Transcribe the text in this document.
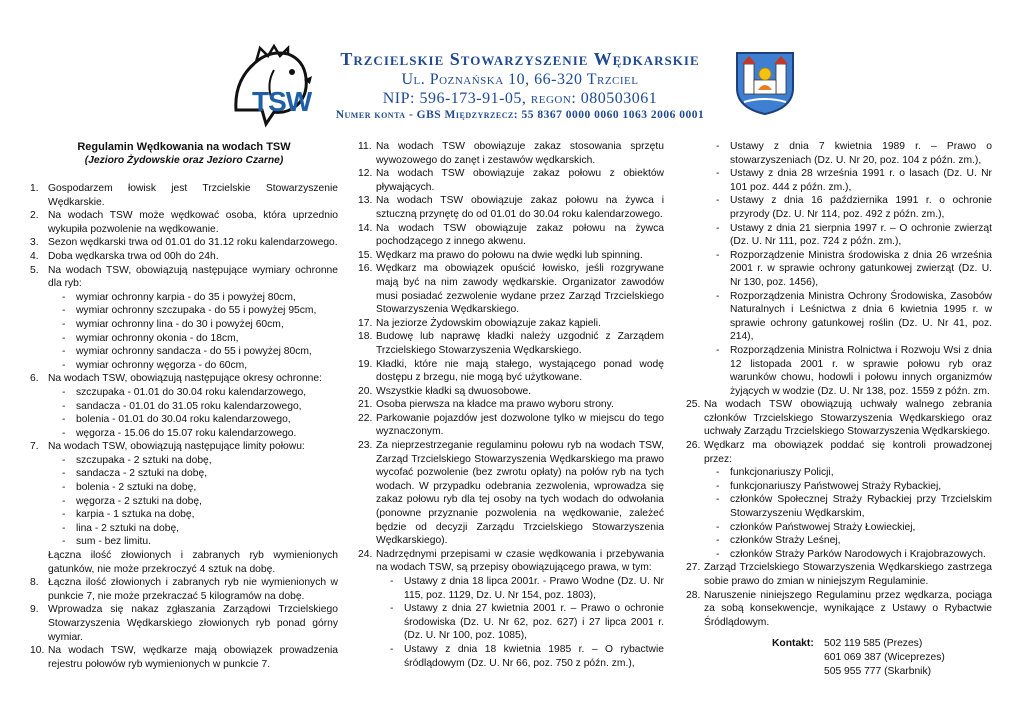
TSW
Trzcielskie Stowarzyszenie Wędkarskie
Ul. Poznańska 10, 66-320 Trzciel
NIP: 596-173-91-05, regon: 080503061
Numer konta - GBS Międzyrzecz: 55 8367 0000 0060 1063 2006 0001
Regulamin Wędkowania na wodach TSW
(Jezioro Żydowskie oraz Jezioro Czarne)
1. Gospodarzem łowisk jest Trzcielskie Stowarzyszenie Wędkarskie.
2. Na wodach TSW może wędkować osoba, która uprzednio wykupiła pozwolenie na wędkowanie.
3. Sezon wędkarski trwa od 01.01 do 31.12 roku kalendarzowego.
4. Doba wędkarska trwa od 00h do 24h.
5. Na wodach TSW, obowiązują następujące wymiary ochronne dla ryb:
-	wymiar ochronny karpia - do 35 i powyżej 80cm,
-	wymiar ochronny szczupaka - do 55 i powyżej 95cm,
-	wymiar ochronny lina - do 30 i powyżej 60cm,
-	wymiar ochronny okonia - do 18cm,
-	wymiar ochronny sandacza - do 55 i powyżej 80cm,
-	wymiar ochronny węgorza - do 60cm,
6. Na wodach TSW, obowiązują następujące okresy ochronne:
-	szczupaka - 01.01 do 30.04 roku kalendarzowego,
-	sandacza - 01.01 do 31.05 roku kalendarzowego,
-	bolenia - 01.01 do 30.04 roku kalendarzowego,
-	węgorza - 15.06 do 15.07 roku kalendarzowego.
7. Na wodach TSW, obowiązują następujące limity połowu:
-	szczupaka - 2 sztuki na dobę,
-	sandacza - 2 sztuki na dobę,
-	bolenia - 2 sztuki na dobę,
-	węgorza - 2 sztuki na dobę,
-	karpia - 1 sztuka na dobę,
-	lina - 2 sztuki na dobę,
-	sum - bez limitu.
Łączna ilość złowionych i zabranych ryb wymienionych gatunków, nie może przekroczyć 4 sztuk na dobę.
8. Łączna ilość złowionych i zabranych ryb nie wymienionych w punkcie 7, nie może przekraczać 5 kilogramów na dobę.
9. Wprowadza się nakaz zgłaszania Zarządowi Trzcielskiego Stowarzyszenia Wędkarskiego złowionych ryb ponad górny wymiar.
10. Na wodach TSW, wędkarze mają obowiązek prowadzenia rejestru połowów ryb wymienionych w punkcie 7.
11. Na wodach TSW obowiązuje zakaz stosowania sprzętu wywozowego do zanęt i zestawów wędkarskich.
12. Na wodach TSW obowiązuje zakaz połowu z obiektów pływających.
13. Na wodach TSW obowiązuje zakaz połowu na żywca i sztuczną przynętę do od 01.01 do 30.04 roku kalendarzowego.
14. Na wodach TSW obowiązuje zakaz połowu na żywca pochodzącego z innego akwenu.
15. Wędkarz ma prawo do połowu na dwie wędki lub spinning.
16. Wędkarz ma obowiązek opuścić łowisko, jeśli rozgrywane mają być na nim zawody wędkarskie. Organizator zawodów musi posiadać zezwolenie wydane przez Zarząd Trzcielskiego Stowarzyszenia Wędkarskiego.
17. Na jeziorze Żydowskim obowiązuje zakaz kąpieli.
18. Budowę lub naprawę kładki należy uzgodnić z Zarządem Trzcielskiego Stowarzyszenia Wędkarskiego.
19. Kładki, które nie mają stałego, wystającego ponad wodę dostępu z brzegu, nie mogą być użytkowane.
20. Wszystkie kładki są dwuosobowe.
21. Osoba pierwsza na kładce ma prawo wyboru strony.
22. Parkowanie pojazdów jest dozwolone tylko w miejscu do tego wyznaczonym.
23. Za nieprzestrzeganie regulaminu połowu ryb na wodach TSW, Zarząd Trzcielskiego Stowarzyszenia Wędkarskiego ma prawo wycofać pozwolenie (bez zwrotu opłaty) na połów ryb na tych wodach. W przypadku odebrania zezwolenia, wprowadza się zakaz połowu ryb dla tej osoby na tych wodach do odwołania (ponowne przyznanie pozwolenia na wędkowanie, zależeć będzie od decyzji Zarządu Trzcielskiego Stowarzyszenia Wędkarskiego).
24. Nadrzędnymi przepisami w czasie wędkowania i przebywania na wodach TSW, są przepisy obowiązującego prawa, w tym:
-	Ustawy z dnia 18 lipca 2001r. - Prawo Wodne (Dz. U. Nr 115, poz. 1129, Dz. U. Nr 154, poz. 1803),
-	Ustawy z dnia 27 kwietnia 2001 r. – Prawo o ochronie środowiska (Dz. U. Nr 62, poz. 627) i 27 lipca 2001 r. (Dz. U. Nr 100, poz. 1085),
-	Ustawy z dnia 18 kwietnia 1985 r. – O rybactwie śródlądowym (Dz. U. Nr 66, poz. 750 z późn. zm.),
-	Ustawy z dnia 7 kwietnia 1989 r. – Prawo o stowarzyszeniach (Dz. U. Nr 20, poz. 104 z późn. zm.),
-	Ustawy z dnia 28 września 1991 r. o lasach (Dz. U. Nr 101 poz. 444 z późn. zm.),
-	Ustawy z dnia 16 października 1991 r. o ochronie przyrody (Dz. U. Nr 114, poz. 492 z późn. zm.),
-	Ustawy z dnia 21 sierpnia 1997 r. – O ochronie zwierząt (Dz. U. Nr 111, poz. 724 z późn. zm.),
-	Rozporządzenie Ministra środowiska z dnia 26 września 2001 r. w sprawie ochrony gatunkowej zwierząt (Dz. U. Nr 130, poz. 1456),
-	Rozporządzenia Ministra Ochrony Środowiska, Zasobów Naturalnych i Leśnictwa z dnia 6 kwietnia 1995 r. w sprawie ochrony gatunkowej roślin (Dz. U. Nr 41, poz. 214),
-	Rozporządzenia Ministra Rolnictwa i Rozwoju Wsi z dnia 12 listopada 2001 r. w sprawie połowu ryb oraz warunków chowu, hodowli i połowu innych organizmów żyjących w wodzie (Dz. U. Nr 138, poz. 1559 z późn. zm.
25. Na wodach TSW obowiązują uchwały walnego zebrania członków Trzcielskiego Stowarzyszenia Wędkarskiego oraz uchwały Zarządu Trzcielskiego Stowarzyszenia Wędkarskiego.
26. Wędkarz ma obowiązek poddać się kontroli prowadzonej przez:
-	funkcjonariuszy Policji,
-	funkcjonariuszy Państwowej Straży Rybackiej,
-	członków Społecznej Straży Rybackiej przy Trzcielskim Stowarzyszeniu Wędkarskim,
-	członków Państwowej Straży Łowieckiej,
-	członków Straży Leśnej,
-	członków Straży Parków Narodowych i Krajobrazowych.
27. Zarząd Trzcielskiego Stowarzyszenia Wędkarskiego zastrzega sobie prawo do zmian w niniejszym Regulaminie.
28. Naruszenie niniejszego Regulaminu przez wędkarza, pociąga za sobą konsekwencje, wynikające z Ustawy o Rybactwie Śródlądowym.
Kontakt: 502 119 585 (Prezes)
601 069 387 (Wiceprezes)
505 955 777 (Skarbnik)
